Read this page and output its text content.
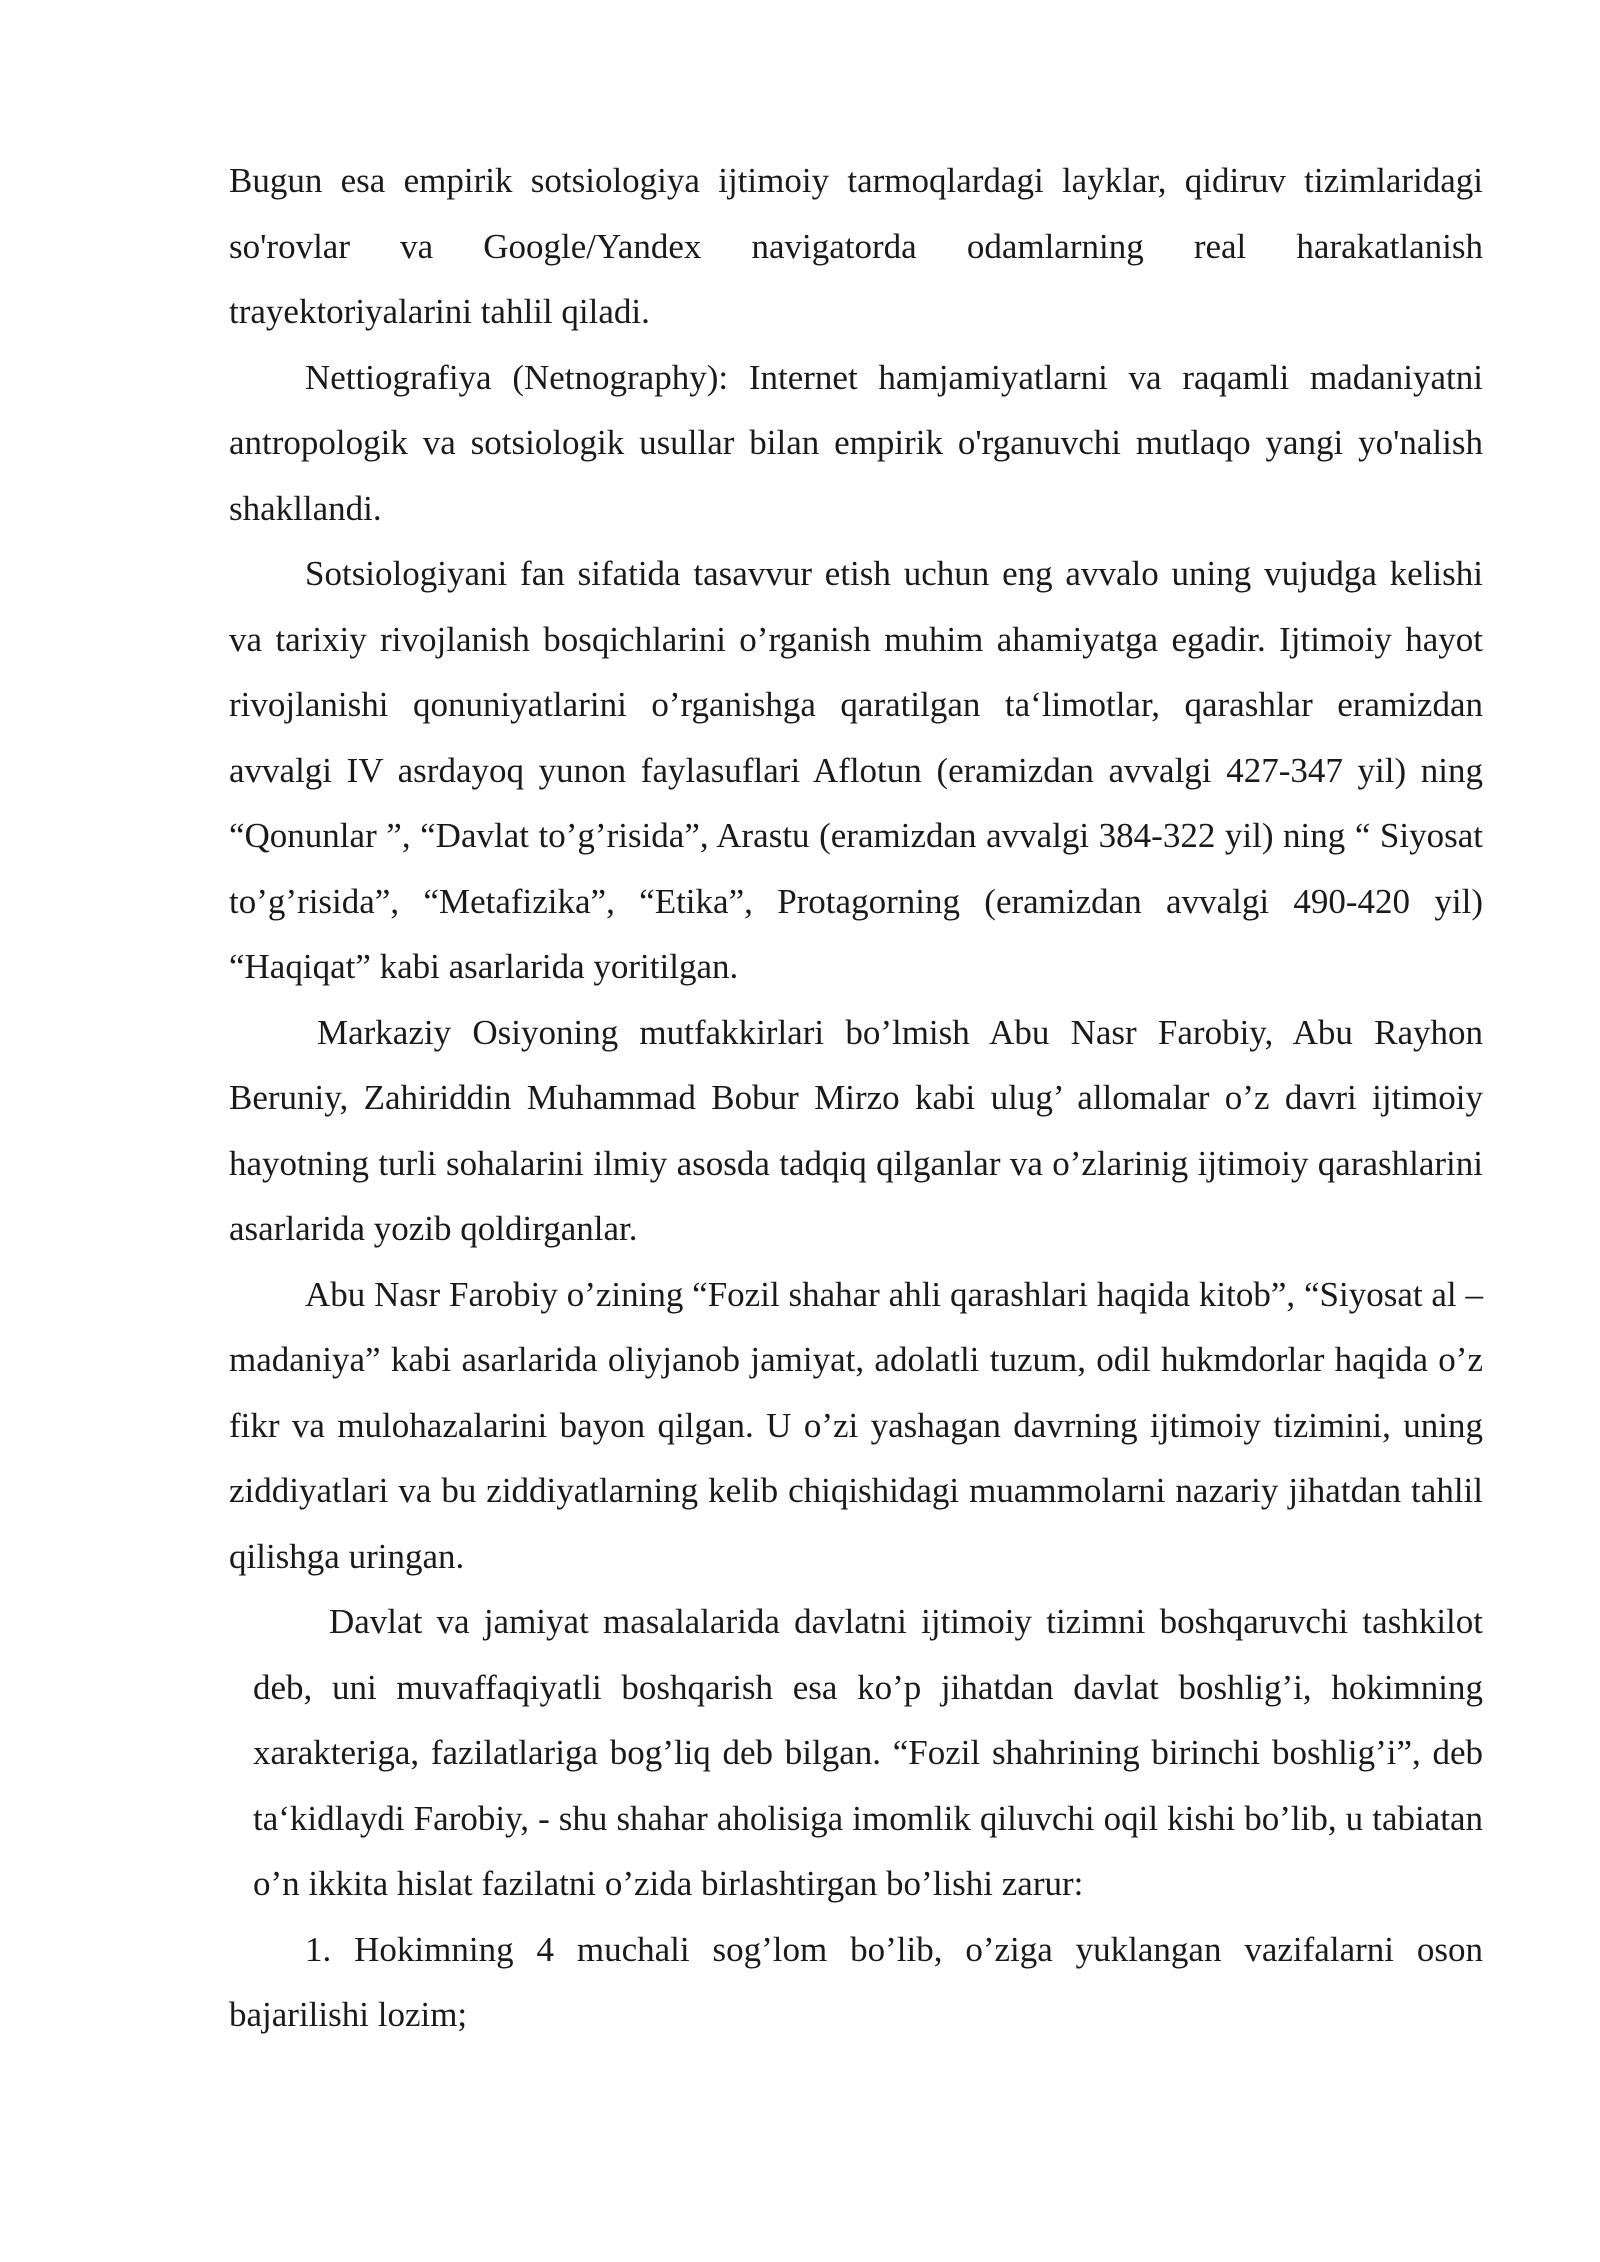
Bugun esa empirik sotsiologiya ijtimoiy tarmoqlardagi layklar, qidiruv tizimlaridagi so'rovlar va Google/Yandex navigatorda odamlarning real harakatlanish trayektoriyalarini tahlil qiladi.

Nettiografiya (Netnography): Internet hamjamiyatlarni va raqamli madaniyatni antropologik va sotsiologik usullar bilan empirik o'rganuvchi mutlaqo yangi yo'nalish shakllandi.

Sotsiologiyani fan sifatida tasavvur etish uchun eng avvalo uning vujudga kelishi va tarixiy rivojlanish bosqichlarini o’rganish muhim ahamiyatga egadir. Ijtimoiy hayot rivojlanishi qonuniyatlarini o’rganishga qaratilgan ta‘limotlar, qarashlar eramizdan avvalgi IV asrdayoq yunon faylasuflari Aflotun (eramizdan avvalgi 427-347 yil) ning “Qonunlar ”, “Davlat to’g’risida”, Arastu (eramizdan avvalgi 384-322 yil) ning “ Siyosat to’g’risida”, “Metafizika”, “Etika”, Protagorning (eramizdan avvalgi 490-420 yil) “Haqiqat” kabi asarlarida yoritilgan.

Markaziy Osiyoning mutfakkirlari bo’lmish Abu Nasr Farobiy, Abu Rayhon Beruniy, Zahiriddin Muhammad Bobur Mirzo kabi ulug’ allomalar o’z davri ijtimoiy hayotning turli sohalarini ilmiy asosda tadqiq qilganlar va o’zlarinig ijtimoiy qarashlarini asarlarida yozib qoldirganlar.

Abu Nasr Farobiy o’zining “Fozil shahar ahli qarashlari haqida kitob”, “Siyosat al – madaniya” kabi asarlarida oliyjanob jamiyat, adolatli tuzum, odil hukmdorlar haqida o’z fikr va mulohazalarini bayon qilgan. U o’zi yashagan davrning ijtimoiy tizimini, uning ziddiyatlari va bu ziddiyatlarning kelib chiqishidagi muammolarni nazariy jihatdan tahlil qilishga uringan.

Davlat va jamiyat masalalarida davlatni ijtimoiy tizimni boshqaruvchi tashkilot deb, uni muvaffaqiyatli boshqarish esa ko’p jihatdan davlat boshlig’i, hokimning xarakteriga, fazilatlariga bog’liq deb bilgan. “Fozil shahrining birinchi boshlig’i”, deb ta‘kidlaydi Farobiy, - shu shahar aholisiga imomlik qiluvchi oqil kishi bo’lib, u tabiatan o’n ikkita hislat fazilatni o’zida birlashtirgan bo’lishi zarur:

1. Hokimning 4 muchali sog’lom bo’lib, o’ziga yuklangan vazifalarni oson bajarilishi lozim;
